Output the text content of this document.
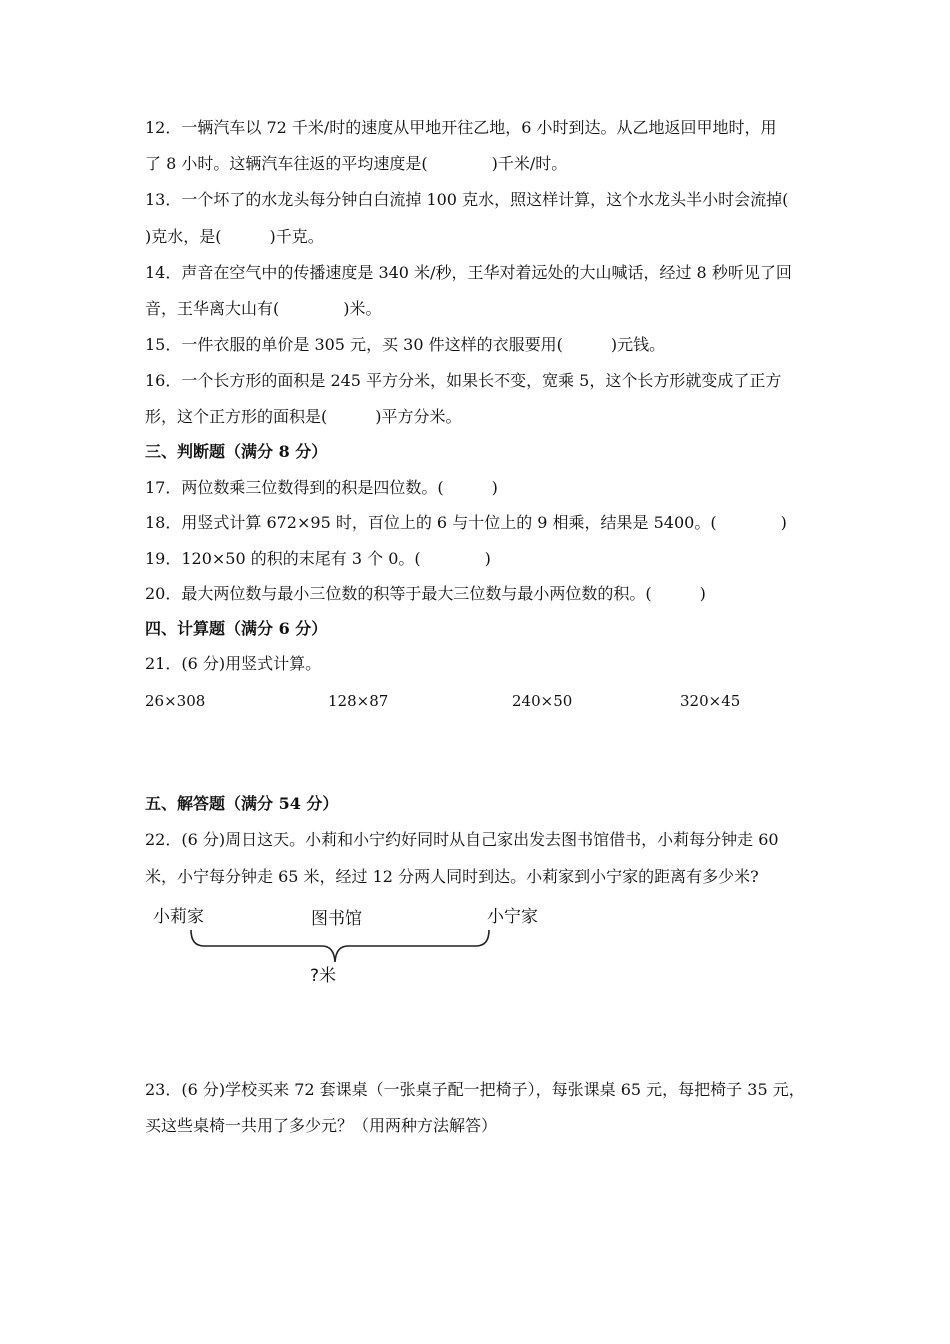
12．一辆汽车以 72 千米/时的速度从甲地开往乙地，6 小时到达。从乙地返回甲地时，用
了 8 小时。这辆汽车往返的平均速度是(　　　　)千米/时。
13．一个坏了的水龙头每分钟白白流掉 100 克水，照这样计算，这个水龙头半小时会流掉(
)克水，是(　　　)千克。
14．声音在空气中的传播速度是 340 米/秒，王华对着远处的大山喊话，经过 8 秒听见了回
音，王华离大山有(　　　　)米。
15．一件衣服的单价是 305 元，买 30 件这样的衣服要用(　　　)元钱。
16．一个长方形的面积是 245 平方分米，如果长不变，宽乘 5，这个长方形就变成了正方
形，这个正方形的面积是(　　　)平方分米。
三、判断题（满分 8 分）
17．两位数乘三位数得到的积是四位数。(　　　)
18．用竖式计算 672×95 时，百位上的 6 与十位上的 9 相乘，结果是 5400。(　　　　)
19．120×50 的积的末尾有 3 个 0。(　　　　)
20．最大两位数与最小三位数的积等于最大三位数与最小两位数的积。(　　　)
四、计算题（满分 6 分）
21．(6 分)用竖式计算。
26×308	128×87	240×50	320×45
五、解答题（满分 54 分）
22．(6 分)周日这天。小莉和小宁约好同时从自己家出发去图书馆借书，小莉每分钟走 60
米，小宁每分钟走 65 米，经过 12 分两人同时到达。小莉家到小宁家的距离有多少米?
小莉家	图书馆	小宁家
?米
23．(6 分)学校买来 72 套课桌（一张桌子配一把椅子），每张课桌 65 元，每把椅子 35 元，
买这些桌椅一共用了多少元？（用两种方法解答）
